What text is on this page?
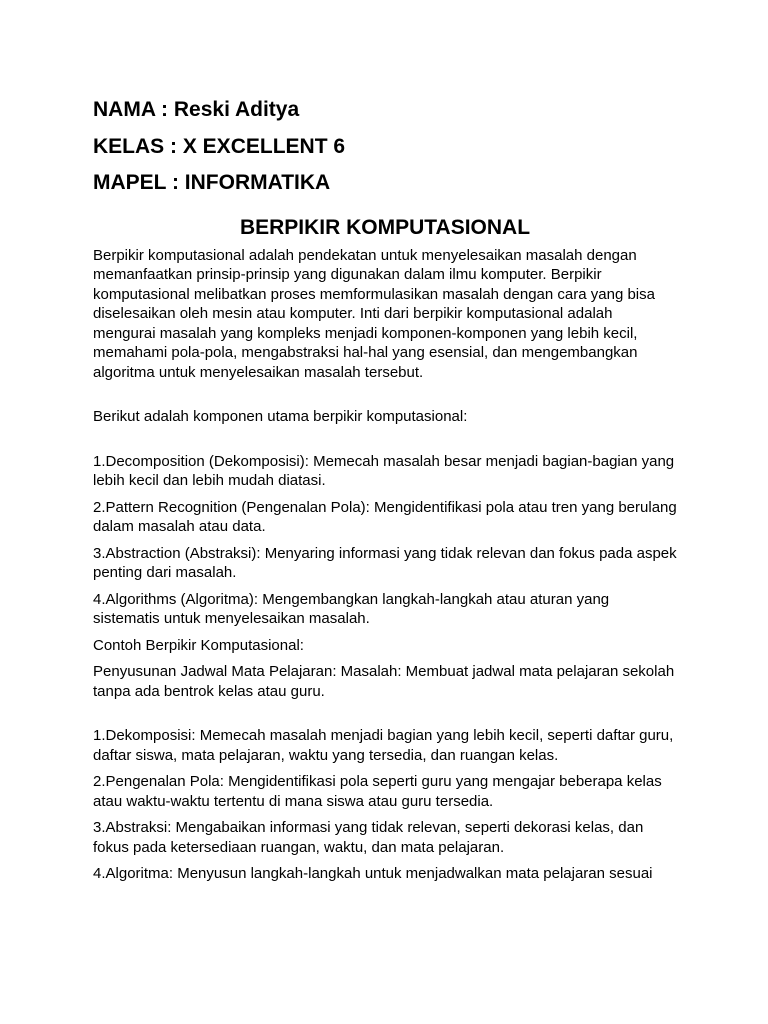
NAMA : Reski Aditya

KELAS : X EXCELLENT 6

MAPEL : INFORMATIKA

BERPIKIR KOMPUTASIONAL

Berpikir komputasional adalah pendekatan untuk menyelesaikan masalah dengan memanfaatkan prinsip-prinsip yang digunakan dalam ilmu komputer. Berpikir komputasional melibatkan proses memformulasikan masalah dengan cara yang bisa diselesaikan oleh mesin atau komputer. Inti dari berpikir komputasional adalah mengurai masalah yang kompleks menjadi komponen-komponen yang lebih kecil, memahami pola-pola, mengabstraksi hal-hal yang esensial, dan mengembangkan algoritma untuk menyelesaikan masalah tersebut.

Berikut adalah komponen utama berpikir komputasional:

1.Decomposition (Dekomposisi): Memecah masalah besar menjadi bagian-bagian yang lebih kecil dan lebih mudah diatasi.

2.Pattern Recognition (Pengenalan Pola): Mengidentifikasi pola atau tren yang berulang dalam masalah atau data.

3.Abstraction (Abstraksi): Menyaring informasi yang tidak relevan dan fokus pada aspek penting dari masalah.

4.Algorithms (Algoritma): Mengembangkan langkah-langkah atau aturan yang sistematis untuk menyelesaikan masalah.

Contoh Berpikir Komputasional:

Penyusunan Jadwal Mata Pelajaran: Masalah: Membuat jadwal mata pelajaran sekolah tanpa ada bentrok kelas atau guru.

1.Dekomposisi: Memecah masalah menjadi bagian yang lebih kecil, seperti daftar guru, daftar siswa, mata pelajaran, waktu yang tersedia, dan ruangan kelas.

2.Pengenalan Pola: Mengidentifikasi pola seperti guru yang mengajar beberapa kelas atau waktu-waktu tertentu di mana siswa atau guru tersedia.

3.Abstraksi: Mengabaikan informasi yang tidak relevan, seperti dekorasi kelas, dan fokus pada ketersediaan ruangan, waktu, dan mata pelajaran.

4.Algoritma: Menyusun langkah-langkah untuk menjadwalkan mata pelajaran sesuai
